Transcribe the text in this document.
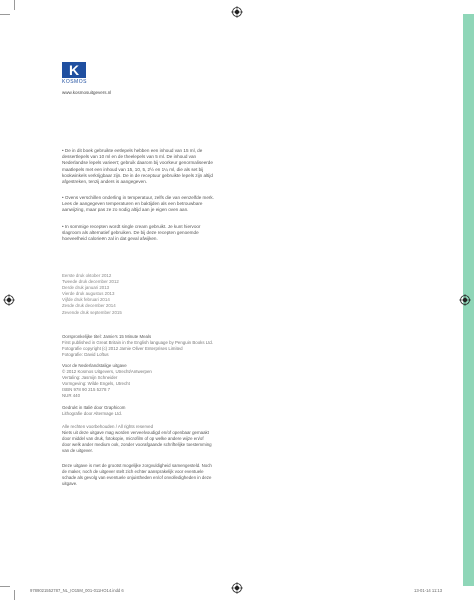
K
KOSMOS
www.kosmosuitgevers.nl

• De in dit boek gebruikte eetlepels hebben een inhoud van 15 ml, de

dessertlepels van 10 ml en de theelepels van 5 ml. De inhoud van

Nederlandse lepels varieert; gebruik daarom bij voorkeur genormaliseerde

maatlepels met een inhoud van 15, 10, 5, 2½ en 1¼ ml, die als set bij

kookwinkels verkrijgbaar zijn. De in de receptuur gebruikte lepels zijn altijd

afgestreken, tenzij anders is aangegeven.

• Ovens verschillen onderling in temperatuur, zelfs die van eenzelfde merk.

Lees de aangegeven temperaturen en baktijden als een betrouwbare

aanwijzing, maar pas ze zo nodig altijd aan je eigen oven aan.

• In sommige recepten wordt single cream gebruikt. Je kunt hiervoor

slagroom als alternatief gebruiken. De bij deze recepten genoemde

hoeveelheid calorieën zal in dat geval afwijken.

Eerste druk oktober 2012
Tweede druk december 2012
Derde druk januari 2013
Vierde druk augustus 2013
Vijfde druk februari 2014
Zesde druk december 2014
Zevende druk september 2015
Oorspronkelijke titel: Jamie's 15 Minute Meals
First published in Great Britain in the English language by Penguin Books Ltd.
Fotografie copyright (c) 2012 Jamie Oliver Enterprises Limited
Fotografie: David Loftus
Voor de Nederlandstalige uitgave
© 2012 Kosmos Uitgevers, Utrecht/Antwerpen
Vertaling: Jasmijn Schneider
Vormgeving: Wilde Engels, Utrecht
ISBN 978 90 215 5278 7
NUR 440
Gedrukt in Italië door Graphicom
Lithografie door Altermage Ltd.
Alle rechten voorbehouden / All rights reserved
Niets uit deze uitgave mag worden verveelvoudigd en/of openbaar gemaakt
door middel van druk, fotokopie, microfilm of op welke andere wijze en/of
door welk ander medium ook, zonder voorafgaande schriftelijke toestemming
van de uitgever.
Deze uitgave is met de grootst mogelijke zorgvuldigheid samengesteld. Noch
de maker, noch de uitgever stelt zich echter aansprakelijk voor eventuele
schade als gevolg van eventuele onjuistheden en/of onvolledigheden in deze
uitgave.
9789021552787_NL_IO15M_001-011HO14.indd 6	13-01-14 11:13
